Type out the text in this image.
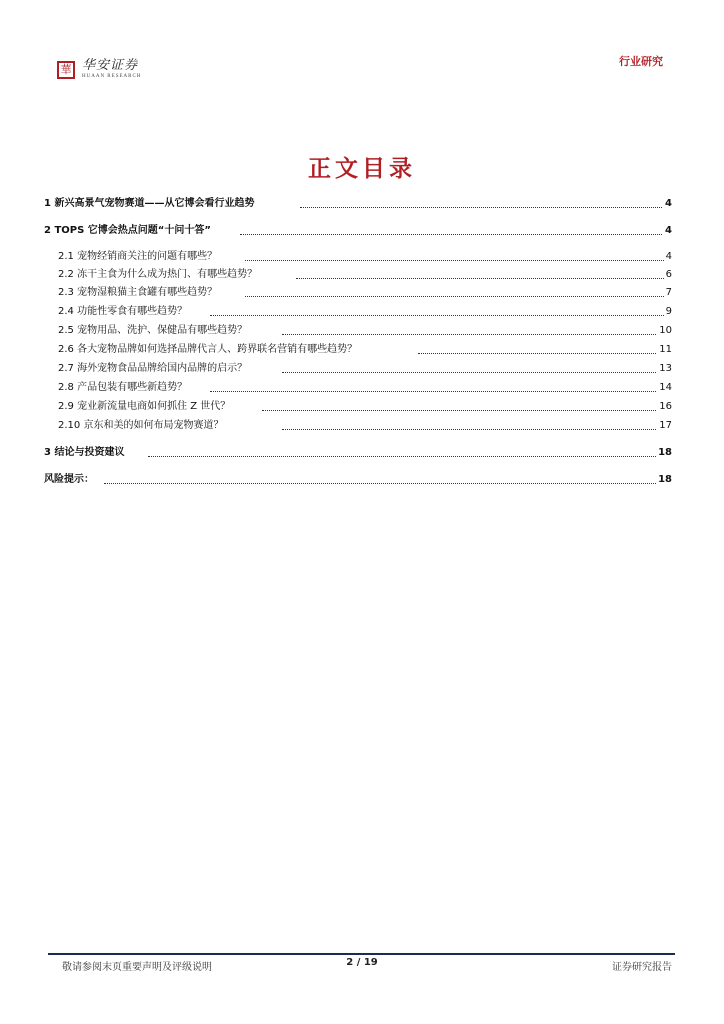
華 华安证券
HUAAN RESEARCH
行业研究
正文目录
1 新兴高景气宠物赛道——从它博会看行业趋势	4
2 TOPS 它博会热点问题“十问十答”	4
2.1 宠物经销商关注的问题有哪些？	4
2.2 冻干主食为什么成为热门、有哪些趋势？	6
2.3 宠物湿粮猫主食罐有哪些趋势？	7
2.4 功能性零食有哪些趋势？	9
2.5 宠物用品、洗护、保健品有哪些趋势？	10
2.6 各大宠物品牌如何选择品牌代言人、跨界联名营销有哪些趋势？	11
2.7 海外宠物食品品牌给国内品牌的启示？	13
2.8 产品包装有哪些新趋势？	14
2.9 宠业新流量电商如何抓住 Z 世代？	16
2.10 京东和美的如何布局宠物赛道？	17
3 结论与投资建议	18
风险提示：	18
敬请参阅末页重要声明及评级说明	2 / 19	证券研究报告
